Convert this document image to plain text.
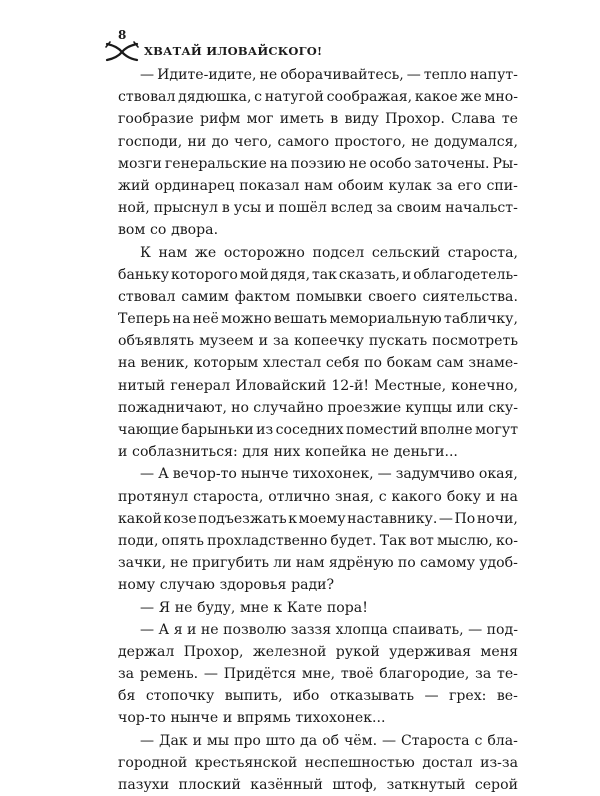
8
ХВАТАЙ ИЛОВАЙСКОГО!
— Идите-идите, не оборачивайтесь, — тепло напут-
ствовал дядюшка, с натугой соображая, какое же мно-
гообразие рифм мог иметь в виду Прохор. Слава те
господи, ни до чего, самого простого, не додумался,
мозги генеральские на поэзию не особо заточены. Ры-
жий ординарец показал нам обоим кулак за его спи-
ной, прыснул в усы и пошёл вслед за своим начальст-
вом со двора.
К нам же осторожно подсел сельский староста,
баньку которого мой дядя, так сказать, и облагодетель-
ствовал самим фактом помывки своего сиятельства.
Теперь на неё можно вешать мемориальную табличку,
объявлять музеем и за копеечку пускать посмотреть
на веник, которым хлестал себя по бокам сам знаме-
нитый генерал Иловайский 12-й! Местные, конечно,
пожадничают, но случайно проезжие купцы или ску-
чающие барыньки из соседних поместий вполне могут
и соблазниться: для них копейка не деньги...
— А вечор-то нынче тихохонек, — задумчиво окая,
протянул староста, отлично зная, с какого боку и на
какой козе подъезжать к моему наставнику. — По ночи,
поди, опять прохладственно будет. Так вот мыслю, ко-
зачки, не пригубить ли нам ядрёную по самому удоб-
ному случаю здоровья ради?
— Я не буду, мне к Кате пора!
— А я и не позволю заззя хлопца спаивать, — под-
держал Прохор, железной рукой удерживая меня
за ремень. — Придётся мне, твоё благородие, за те-
бя стопочку выпить, ибо отказывать — грех: ве-
чор-то нынче и впрямь тихохонек...
— Дак и мы про што да об чём. — Староста с бла-
городной крестьянской неспешностью достал из-за
пазухи плоский казённый штоф, заткнутый серой
